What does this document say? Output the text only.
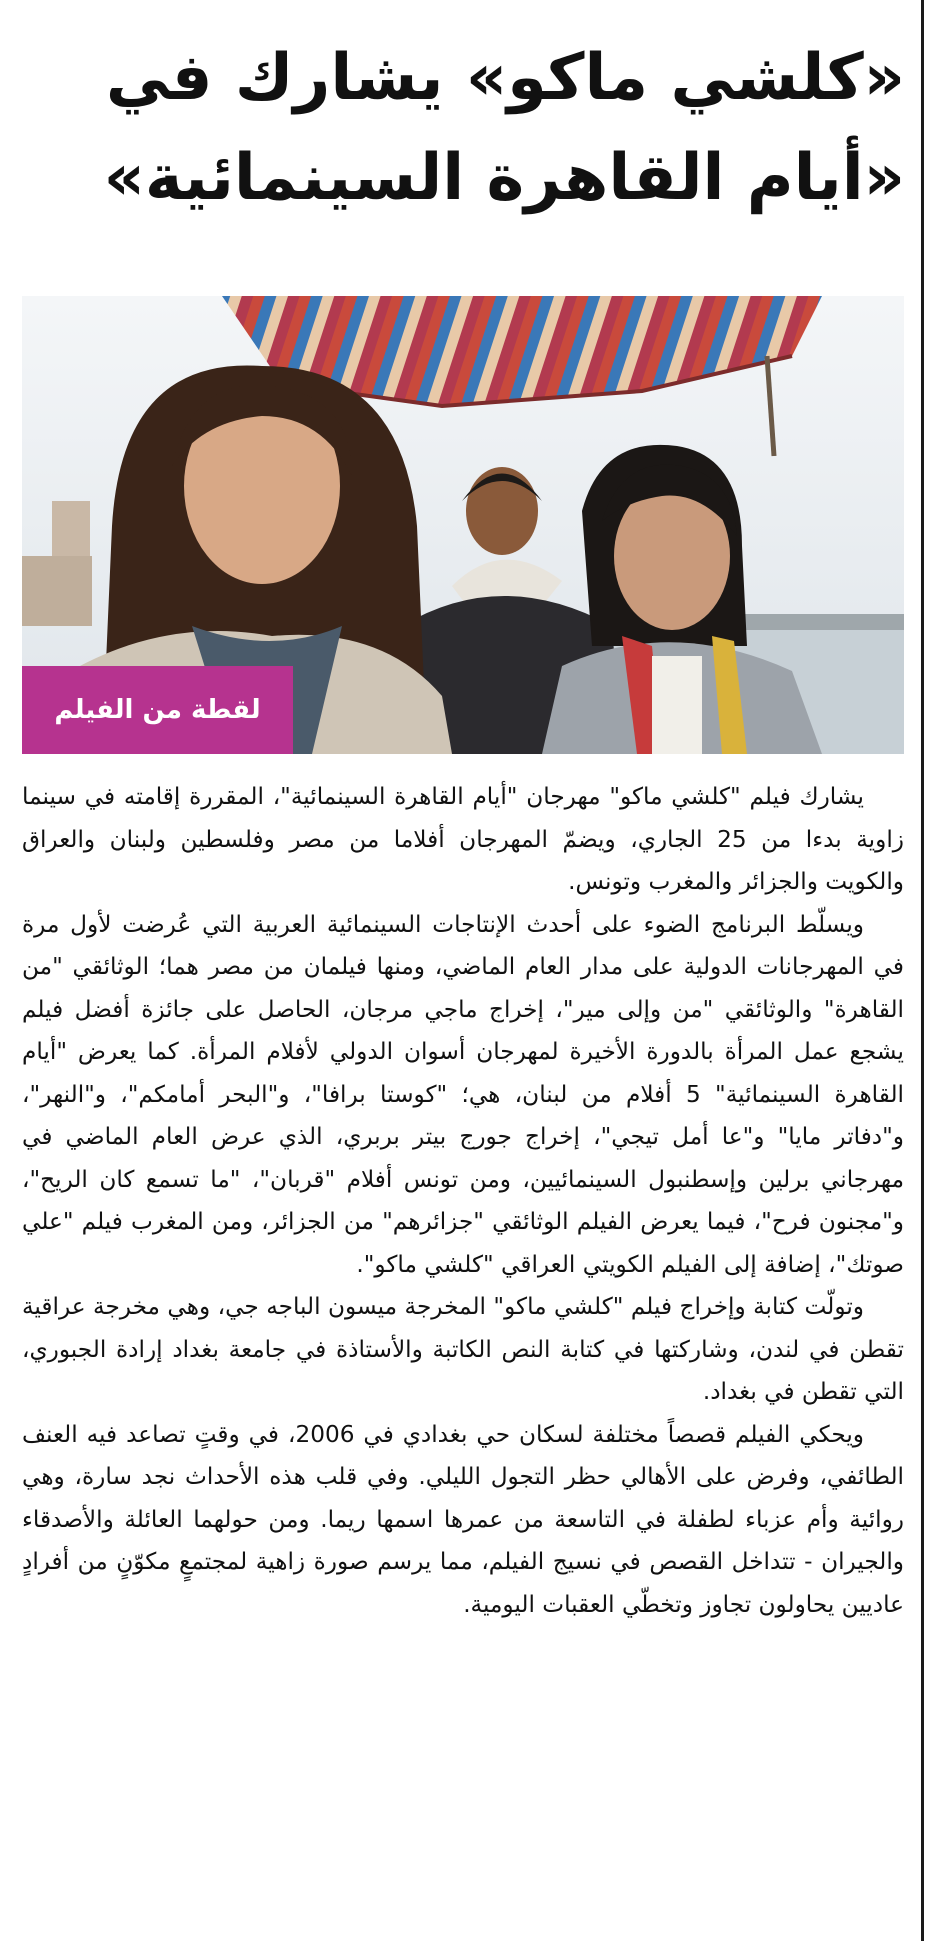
«كلشي ماكو» يشارك في
«أيام القاهرة السينمائية»
لقطة من الفيلم

يشارك فيلم "كلشي ماكو" مهرجان "أيام القاهرة السينمائية"، المقررة إقامته في سينما زاوية بدءا من 25 الجاري، ويضمّ المهرجان أفلاما من مصر وفلسطين ولبنان والعراق والكويت والجزائر والمغرب وتونس.

ويسلّط البرنامج الضوء على أحدث الإنتاجات السينمائية العربية التي عُرضت لأول مرة في المهرجانات الدولية على مدار العام الماضي، ومنها فيلمان من مصر هما؛ الوثائقي "من القاهرة" والوثائقي "من وإلى مير"، إخراج ماجي مرجان، الحاصل على جائزة أفضل فيلم يشجع عمل المرأة بالدورة الأخيرة لمهرجان أسوان الدولي لأفلام المرأة. كما يعرض "أيام القاهرة السينمائية" 5 أفلام من لبنان، هي؛ "كوستا برافا"، و"البحر أمامكم"، و"النهر"، و"دفاتر مايا" و"عا أمل تيجي"، إخراج جورج بيتر بربري، الذي عرض العام الماضي في مهرجاني برلين وإسطنبول السينمائيين، ومن تونس أفلام "قربان"، "ما تسمع كان الريح"، و"مجنون فرح"، فيما يعرض الفيلم الوثائقي "جزائرهم" من الجزائر، ومن المغرب فيلم "علي صوتك"، إضافة إلى الفيلم الكويتي العراقي "كلشي ماكو".

وتولّت كتابة وإخراج فيلم "كلشي ماكو" المخرجة ميسون الباجه جي، وهي مخرجة عراقية تقطن في لندن، وشاركتها في كتابة النص الكاتبة والأستاذة في جامعة بغداد إرادة الجبوري، التي تقطن في بغداد.

ويحكي الفيلم قصصاً مختلفة لسكان حي بغدادي في 2006، في وقتٍ تصاعد فيه العنف الطائفي، وفرض على الأهالي حظر التجول الليلي. وفي قلب هذه الأحداث نجد سارة، وهي روائية وأم عزباء لطفلة في التاسعة من عمرها اسمها ريما. ومن حولهما العائلة والأصدقاء والجيران - تتداخل القصص في نسيج الفيلم، مما يرسم صورة زاهية لمجتمعٍ مكوّنٍ من أفرادٍ عاديين يحاولون تجاوز وتخطّي العقبات اليومية.
